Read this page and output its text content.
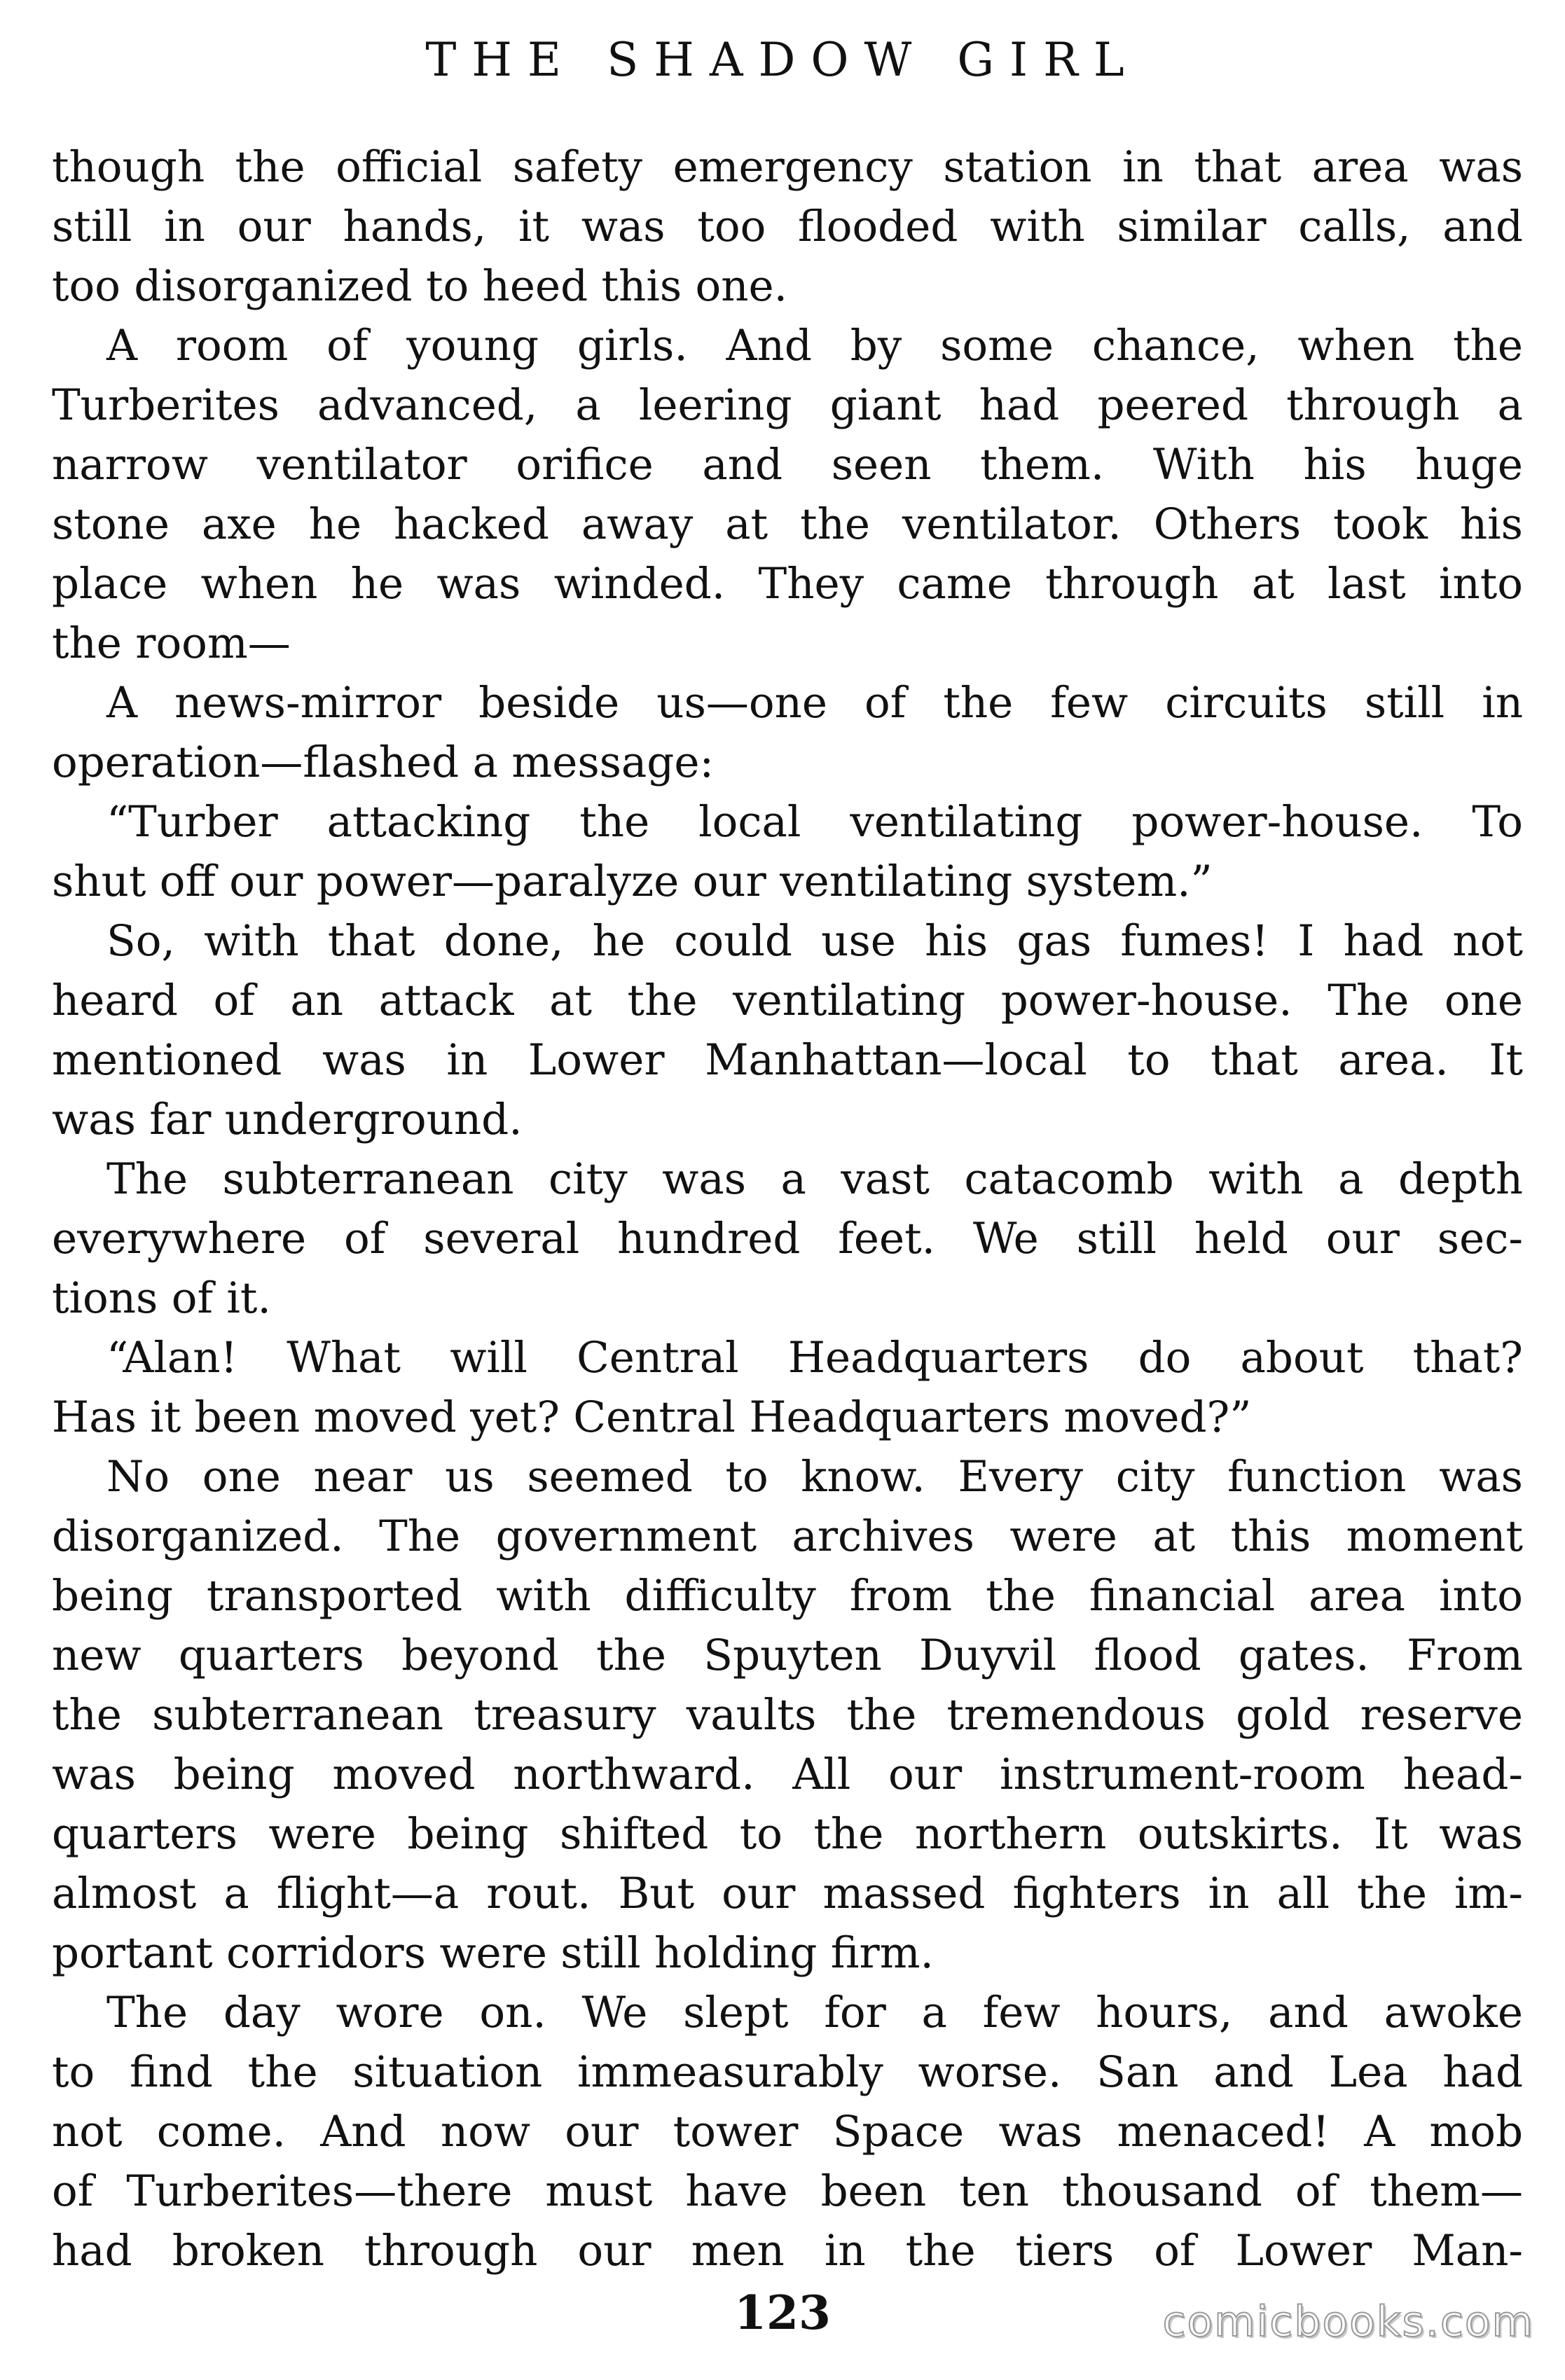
THE SHADOW GIRL
though the official safety emergency station in that area was
still in our hands, it was too flooded with similar calls, and
too disorganized to heed this one.
A room of young girls. And by some chance, when the
Turberites advanced, a leering giant had peered through a
narrow ventilator orifice and seen them. With his huge
stone axe he hacked away at the ventilator. Others took his
place when he was winded. They came through at last into
the room—
A news-mirror beside us—one of the few circuits still in
operation—flashed a message:
“Turber attacking the local ventilating power-house. To
shut off our power—paralyze our ventilating system.”
So, with that done, he could use his gas fumes! I had not
heard of an attack at the ventilating power-house. The one
mentioned was in Lower Manhattan—local to that area. It
was far underground.
The subterranean city was a vast catacomb with a depth
everywhere of several hundred feet. We still held our sec-
tions of it.
“Alan! What will Central Headquarters do about that?
Has it been moved yet? Central Headquarters moved?”
No one near us seemed to know. Every city function was
disorganized. The government archives were at this moment
being transported with difficulty from the financial area into
new quarters beyond the Spuyten Duyvil flood gates. From
the subterranean treasury vaults the tremendous gold reserve
was being moved northward. All our instrument-room head-
quarters were being shifted to the northern outskirts. It was
almost a flight—a rout. But our massed fighters in all the im-
portant corridors were still holding firm.
The day wore on. We slept for a few hours, and awoke
to find the situation immeasurably worse. San and Lea had
not come. And now our tower Space was menaced! A mob
of Turberites—there must have been ten thousand of them—
had broken through our men in the tiers of Lower Man-
123	comicbooks.com
